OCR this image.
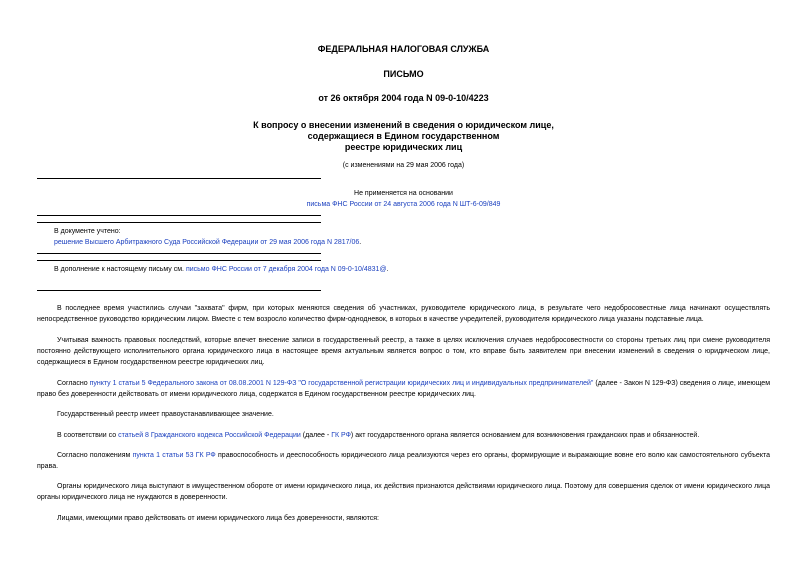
ФЕДЕРАЛЬНАЯ НАЛОГОВАЯ СЛУЖБА
ПИСЬМО
от 26 октября 2004 года N 09-0-10/4223
К вопросу о внесении изменений в сведения о юридическом лице,
содержащиеся в Едином государственном
реестре юридических лиц
(с изменениями на 29 мая 2006 года)
Не применяется на основании
письма ФНС России от 24 августа 2006 года N ШТ-6-09/849
В документе учтено:
решение Высшего Арбитражного Суда Российской Федерации от 29 мая 2006 года N 2817/06.
В дополнение к настоящему письму см. письмо ФНС России от 7 декабря 2004 года N 09-0-10/4831@.
В последнее время участились случаи "захвата" фирм, при которых меняются сведения об участниках, руководителе юридического лица, в результате чего недобросовестные лица начинают осуществлять непосредственное руководство юридическим лицом. Вместе с тем возросло количество фирм-однодневок, в которых в качестве учредителей, руководителя юридического лица указаны подставные лица.
Учитывая важность правовых последствий, которые влечет внесение записи в государственный реестр, а также в целях исключения случаев недобросовестности со стороны третьих лиц при смене руководителя постоянно действующего исполнительного органа юридического лица в настоящее время актуальным является вопрос о том, кто вправе быть заявителем при внесении изменений в сведения о юридическом лице, содержащиеся в Едином государственном реестре юридических лиц.
Согласно пункту 1 статьи 5 Федерального закона от 08.08.2001 N 129-ФЗ "О государственной регистрации юридических лиц и индивидуальных предпринимателей" (далее - Закон N 129-ФЗ) сведения о лице, имеющем право без доверенности действовать от имени юридического лица, содержатся в Едином государственном реестре юридических лиц.
Государственный реестр имеет правоустанавливающее значение.
В соответствии со статьей 8 Гражданского кодекса Российской Федерации (далее - ГК РФ) акт государственного органа является основанием для возникновения гражданских прав и обязанностей.
Согласно положениям пункта 1 статьи 53 ГК РФ правоспособность и дееспособность юридического лица реализуются через его органы, формирующие и выражающие вовне его волю как самостоятельного субъекта права.
Органы юридического лица выступают в имущественном обороте от имени юридического лица, их действия признаются действиями юридического лица. Поэтому для совершения сделок от имени юридического лица органы юридического лица не нуждаются в доверенности.
Лицами, имеющими право действовать от имени юридического лица без доверенности, являются:
